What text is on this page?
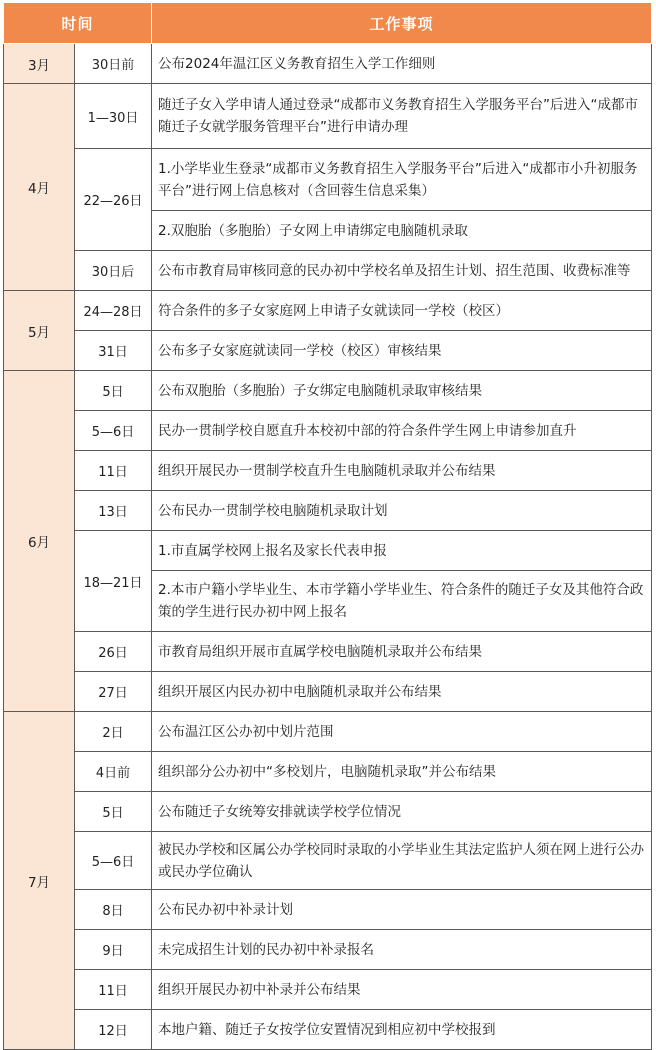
时间		工作事项
3月	30日前	公布2024年温江区义务教育招生入学工作细则
4月	1—30日	随迁子女入学申请人通过登录“成都市义务教育招生入学服务平台”后进入“成都市随迁子女就学服务管理平台”进行申请办理
	22—26日	1.小学毕业生登录“成都市义务教育招生入学服务平台”后进入“成都市小升初服务平台”进行网上信息核对（含回蓉生信息采集）
		2.双胞胎（多胞胎）子女网上申请绑定电脑随机录取
	30日后	公布市教育局审核同意的民办初中学校名单及招生计划、招生范围、收费标准等
5月	24—28日	符合条件的多子女家庭网上申请子女就读同一学校（校区）
	31日	公布多子女家庭就读同一学校（校区）审核结果
6月	5日	公布双胞胎（多胞胎）子女绑定电脑随机录取审核结果
	5—6日	民办一贯制学校自愿直升本校初中部的符合条件学生网上申请参加直升
	11日	组织开展民办一贯制学校直升生电脑随机录取并公布结果
	13日	公布民办一贯制学校电脑随机录取计划
	18—21日	1.市直属学校网上报名及家长代表申报
		2.本市户籍小学毕业生、本市学籍小学毕业生、符合条件的随迁子女及其他符合政策的学生进行民办初中网上报名
	26日	市教育局组织开展市直属学校电脑随机录取并公布结果
	27日	组织开展区内民办初中电脑随机录取并公布结果
7月	2日	公布温江区公办初中划片范围
	4日前	组织部分公办初中“多校划片，电脑随机录取”并公布结果
	5日	公布随迁子女统筹安排就读学校学位情况
	5—6日	被民办学校和区属公办学校同时录取的小学毕业生其法定监护人须在网上进行公办或民办学位确认
	8日	公布民办初中补录计划
	9日	未完成招生计划的民办初中补录报名
	11日	组织开展民办初中补录并公布结果
	12日	本地户籍、随迁子女按学位安置情况到相应初中学校报到
